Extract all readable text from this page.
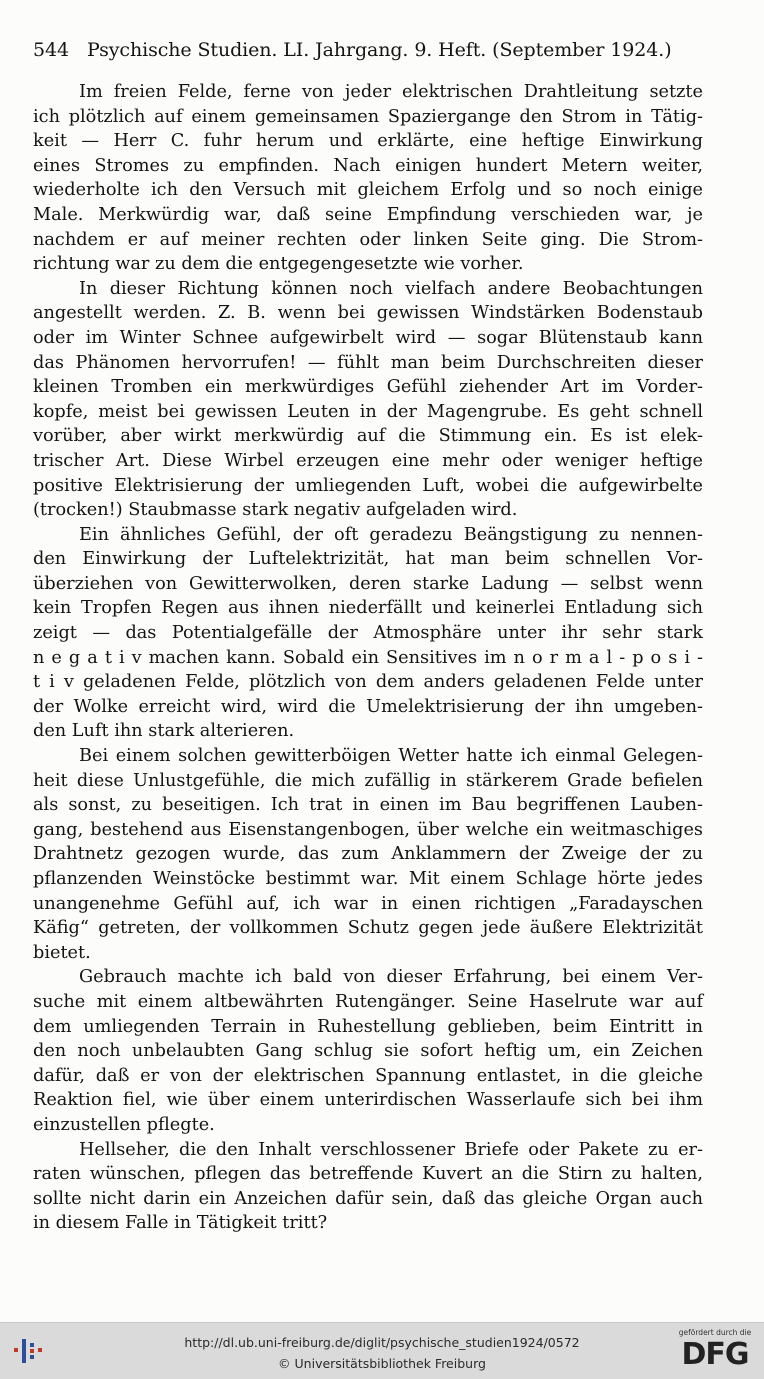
544 Psychische Studien. LI. Jahrgang. 9. Heft. (September 1924.)
Im freien Felde, ferne von jeder elektrischen Drahtleitung setzte
ich plötzlich auf einem gemeinsamen Spaziergange den Strom in Tätig-
keit — Herr C. fuhr herum und erklärte, eine heftige Einwirkung
eines Stromes zu empfinden. Nach einigen hundert Metern weiter,
wiederholte ich den Versuch mit gleichem Erfolg und so noch einige
Male. Merkwürdig war, daß seine Empfindung verschieden war, je
nachdem er auf meiner rechten oder linken Seite ging. Die Strom-
richtung war zu dem die entgegengesetzte wie vorher.
In dieser Richtung können noch vielfach andere Beobachtungen
angestellt werden. Z. B. wenn bei gewissen Windstärken Bodenstaub
oder im Winter Schnee aufgewirbelt wird — sogar Blütenstaub kann
das Phänomen hervorrufen! — fühlt man beim Durchschreiten dieser
kleinen Tromben ein merkwürdiges Gefühl ziehender Art im Vorder-
kopfe, meist bei gewissen Leuten in der Magengrube. Es geht schnell
vorüber, aber wirkt merkwürdig auf die Stimmung ein. Es ist elek-
trischer Art. Diese Wirbel erzeugen eine mehr oder weniger heftige
positive Elektrisierung der umliegenden Luft, wobei die aufgewirbelte
(trocken!) Staubmasse stark negativ aufgeladen wird.
Ein ähnliches Gefühl, der oft geradezu Beängstigung zu nennen-
den Einwirkung der Luftelektrizität, hat man beim schnellen Vor-
überziehen von Gewitterwolken, deren starke Ladung — selbst wenn
kein Tropfen Regen aus ihnen niederfällt und keinerlei Entladung sich
zeigt — das Potentialgefälle der Atmosphäre unter ihr sehr stark
n e g a t i v machen kann. Sobald ein Sensitives im n o r m a l - p o s i -
t i v geladenen Felde, plötzlich von dem anders geladenen Felde unter
der Wolke erreicht wird, wird die Umelektrisierung der ihn umgeben-
den Luft ihn stark alterieren.
Bei einem solchen gewitterböigen Wetter hatte ich einmal Gelegen-
heit diese Unlustgefühle, die mich zufällig in stärkerem Grade befielen
als sonst, zu beseitigen. Ich trat in einen im Bau begriffenen Lauben-
gang, bestehend aus Eisenstangenbogen, über welche ein weitmaschiges
Drahtnetz gezogen wurde, das zum Anklammern der Zweige der zu
pflanzenden Weinstöcke bestimmt war. Mit einem Schlage hörte jedes
unangenehme Gefühl auf, ich war in einen richtigen „Faradayschen
Käfig“ getreten, der vollkommen Schutz gegen jede äußere Elektrizität
bietet.
Gebrauch machte ich bald von dieser Erfahrung, bei einem Ver-
suche mit einem altbewährten Rutengänger. Seine Haselrute war auf
dem umliegenden Terrain in Ruhestellung geblieben, beim Eintritt in
den noch unbelaubten Gang schlug sie sofort heftig um, ein Zeichen
dafür, daß er von der elektrischen Spannung entlastet, in die gleiche
Reaktion fiel, wie über einem unterirdischen Wasserlaufe sich bei ihm
einzustellen pflegte.
Hellseher, die den Inhalt verschlossener Briefe oder Pakete zu er-
raten wünschen, pflegen das betreffende Kuvert an die Stirn zu halten,
sollte nicht darin ein Anzeichen dafür sein, daß das gleiche Organ auch
in diesem Falle in Tätigkeit tritt?
http://dl.ub.uni-freiburg.de/diglit/psychische_studien1924/0572
© Universitätsbibliothek Freiburg
gefördert durch die
DFG
